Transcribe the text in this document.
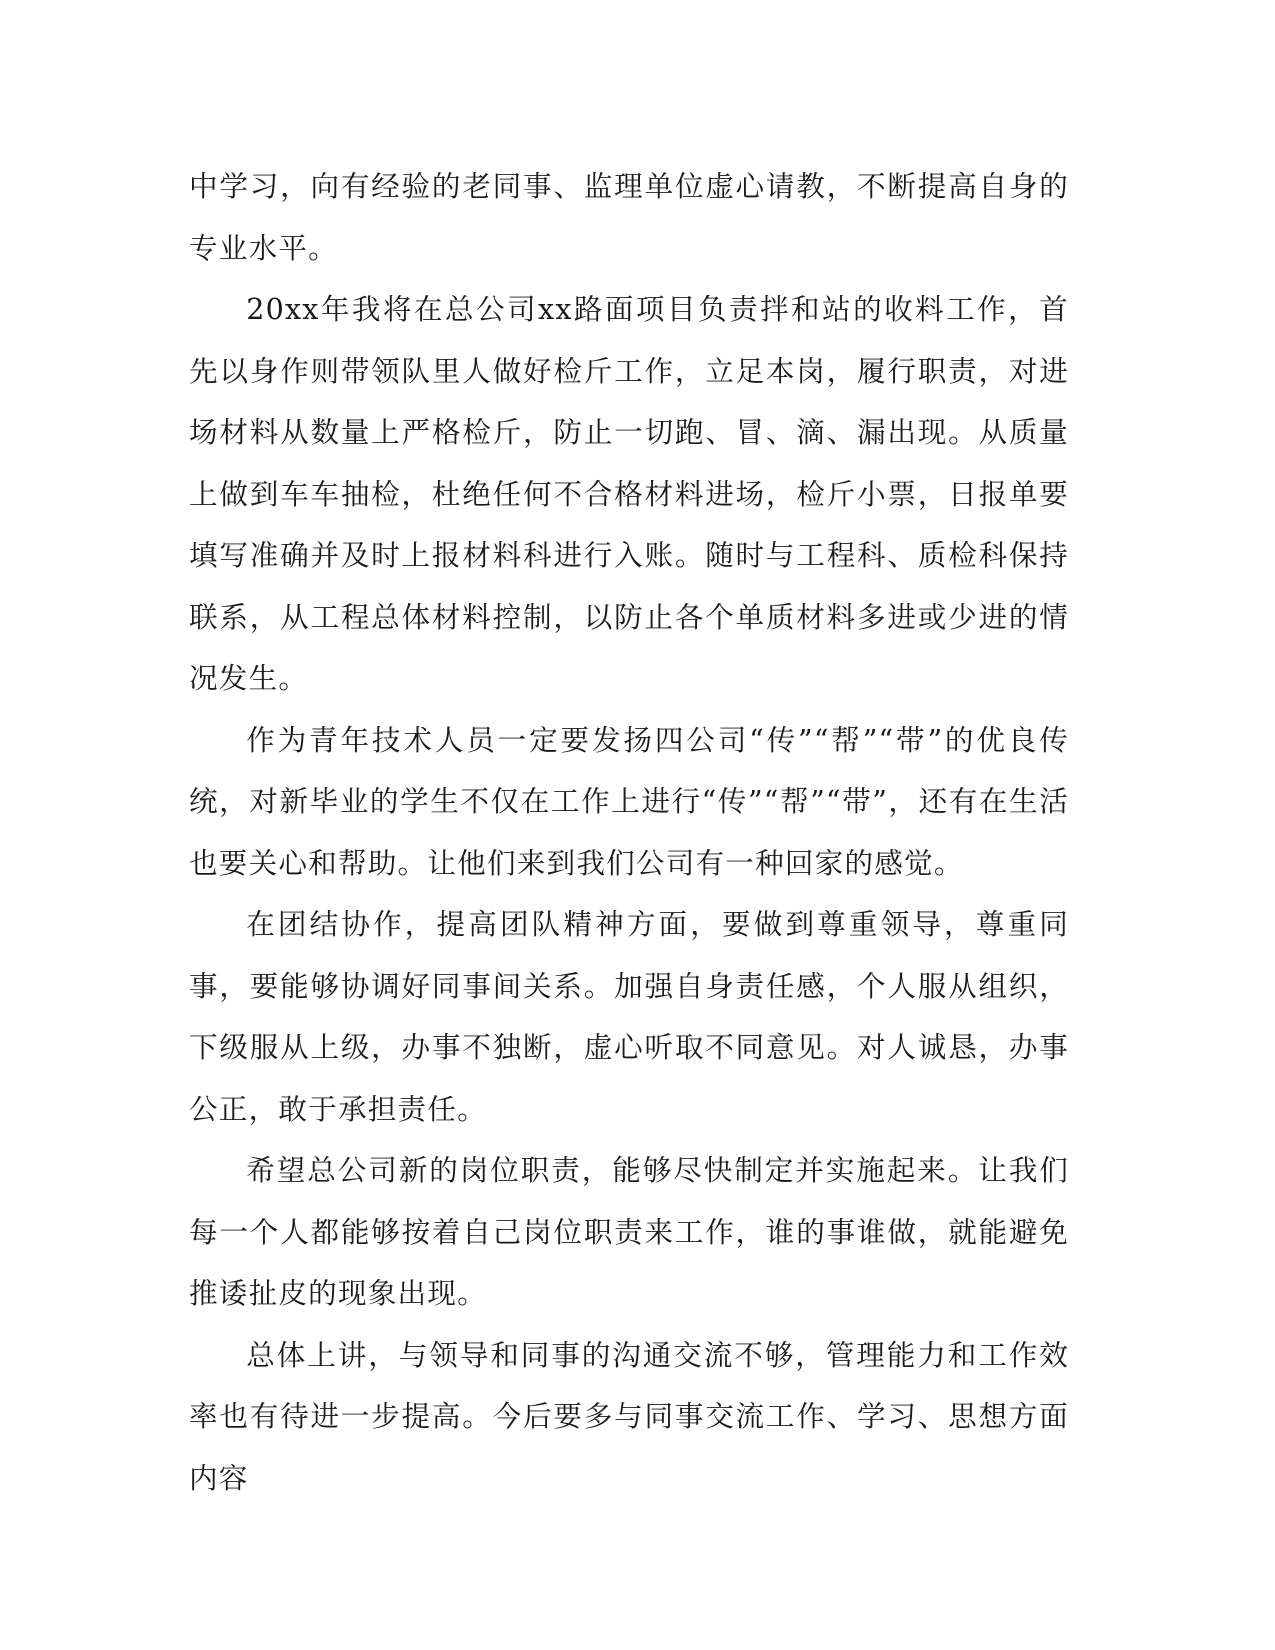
中学习，向有经验的老同事、监理单位虚心请教，不断提高自身的专业水平。

20xx年我将在总公司xx路面项目负责拌和站的收料工作，首先以身作则带领队里人做好检斤工作，立足本岗，履行职责，对进场材料从数量上严格检斤，防止一切跑、冒、滴、漏出现。从质量上做到车车抽检，杜绝任何不合格材料进场，检斤小票，日报单要填写准确并及时上报材料科进行入账。随时与工程科、质检科保持联系，从工程总体材料控制，以防止各个单质材料多进或少进的情况发生。

作为青年技术人员一定要发扬四公司“传”“帮”“带”的优良传统，对新毕业的学生不仅在工作上进行“传”“帮”“带”，还有在生活也要关心和帮助。让他们来到我们公司有一种回家的感觉。

在团结协作，提高团队精神方面，要做到尊重领导，尊重同事，要能够协调好同事间关系。加强自身责任感，个人服从组织，下级服从上级，办事不独断，虚心听取不同意见。对人诚恳，办事公正，敢于承担责任。

希望总公司新的岗位职责，能够尽快制定并实施起来。让我们每一个人都能够按着自己岗位职责来工作，谁的事谁做，就能避免推诿扯皮的现象出现。

总体上讲，与领导和同事的沟通交流不够，管理能力和工作效率也有待进一步提高。今后要多与同事交流工作、学习、思想方面内容
